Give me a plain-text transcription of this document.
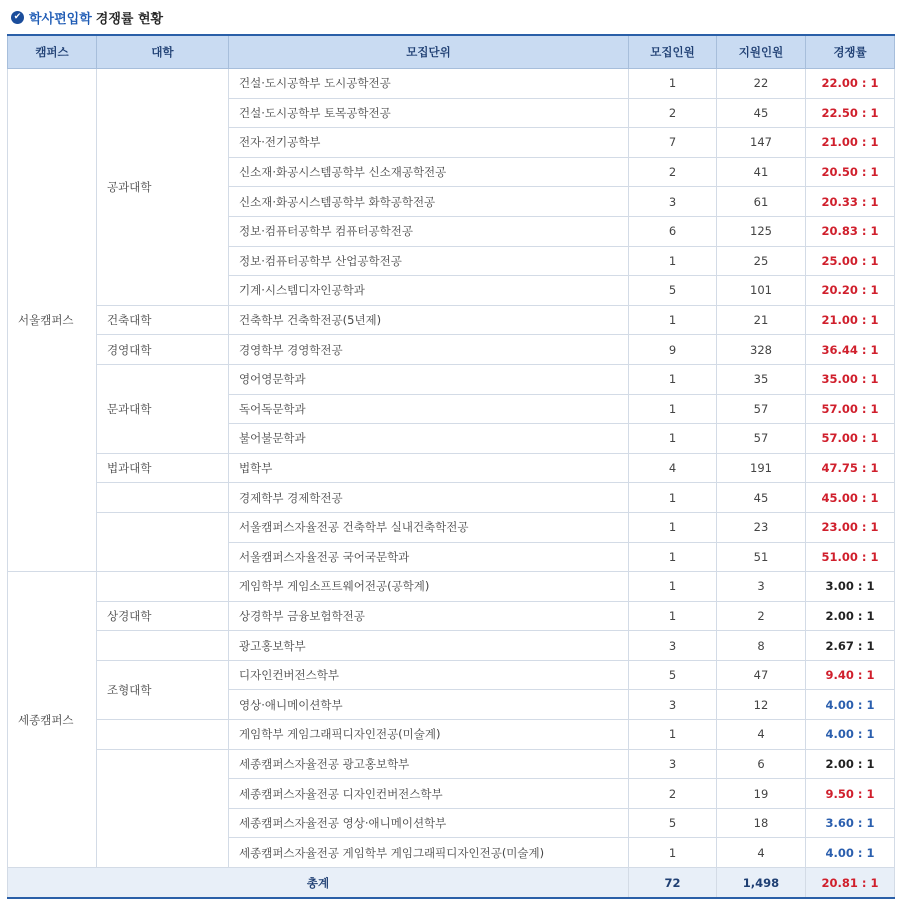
✔ 학사편입학 경쟁률 현황
캠퍼스	대학	모집단위	모집인원	지원인원	경쟁률
서울캠퍼스	공과대학	건설·도시공학부 도시공학전공	1	22	22.00 : 1
		건설·도시공학부 토목공학전공	2	45	22.50 : 1
		전자·전기공학부	7	147	21.00 : 1
		신소재·화공시스템공학부 신소재공학전공	2	41	20.50 : 1
		신소재·화공시스템공학부 화학공학전공	3	61	20.33 : 1
		정보·컴퓨터공학부 컴퓨터공학전공	6	125	20.83 : 1
		정보·컴퓨터공학부 산업공학전공	1	25	25.00 : 1
		기계·시스템디자인공학과	5	101	20.20 : 1
	건축대학	건축학부 건축학전공(5년제)	1	21	21.00 : 1
	경영대학	경영학부 경영학전공	9	328	36.44 : 1
	문과대학	영어영문학과	1	35	35.00 : 1
		독어독문학과	1	57	57.00 : 1
		불어불문학과	1	57	57.00 : 1
	법과대학	법학부	4	191	47.75 : 1
		경제학부 경제학전공	1	45	45.00 : 1
		서울캠퍼스자율전공 건축학부 실내건축학전공	1	23	23.00 : 1
		서울캠퍼스자율전공 국어국문학과	1	51	51.00 : 1
세종캠퍼스		게임학부 게임소프트웨어전공(공학계)	1	3	3.00 : 1
	상경대학	상경학부 금융보험학전공	1	2	2.00 : 1
		광고홍보학부	3	8	2.67 : 1
	조형대학	디자인컨버전스학부	5	47	9.40 : 1
		영상·애니메이션학부	3	12	4.00 : 1
		게임학부 게임그래픽디자인전공(미술계)	1	4	4.00 : 1
		세종캠퍼스자율전공 광고홍보학부	3	6	2.00 : 1
		세종캠퍼스자율전공 디자인컨버전스학부	2	19	9.50 : 1
		세종캠퍼스자율전공 영상·애니메이션학부	5	18	3.60 : 1
		세종캠퍼스자율전공 게임학부 게임그래픽디자인전공(미술계)	1	4	4.00 : 1
총계			72	1,498	20.81 : 1
